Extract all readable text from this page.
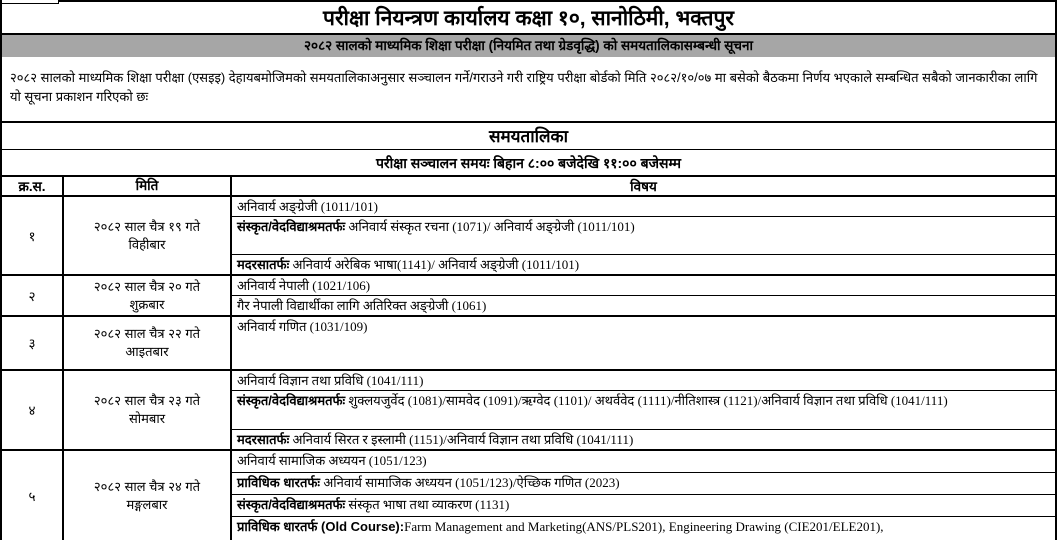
परीक्षा नियन्त्रण कार्यालय कक्षा १०, सानोठिमी, भक्तपुर
२०८२ सालको माध्यमिक शिक्षा परीक्षा (नियमित तथा ग्रेडवृद्धि) को समयतालिकासम्बन्धी सूचना
२०८२ सालको माध्यमिक शिक्षा परीक्षा (एसइइ) देहायबमोजिमको समयतालिकाअनुसार सञ्चालन गर्ने/गराउने गरी राष्ट्रिय परीक्षा बोर्डको मिति २०८२/१०/०७ मा बसेको बैठकमा निर्णय भएकाले सम्बन्धित सबैको जानकारीका लागि यो सूचना प्रकाशन गरिएको छः
समयतालिका
परीक्षा सञ्चालन समयः बिहान ८:०० बजेदेखि ११:०० बजेसम्म
क्र.स.	मिति	विषय
१
२०८२ साल चैत्र १९ गते
विहीबार
अनिवार्य अङ्ग्रेजी (1011/101)
संस्कृत/वेदविद्याश्रमतर्फः अनिवार्य संस्कृत रचना (1071)/ अनिवार्य अङ्ग्रेजी (1011/101)
मदरसातर्फः अनिवार्य अरेबिक भाषा(1141)/ अनिवार्य अङ्ग्रेजी (1011/101)
२
२०८२ साल चैत्र २० गते
शुक्रबार
अनिवार्य नेपाली (1021/106)
गैर नेपाली विद्यार्थीका लागि अतिरिक्त अङ्ग्रेजी (1061)
३
२०८२ साल चैत्र २२ गते
आइतबार
अनिवार्य गणित (1031/109)
४
२०८२ साल चैत्र २३ गते
सोमबार
अनिवार्य विज्ञान तथा प्रविधि (1041/111)
संस्कृत/वेदविद्याश्रमतर्फः शुक्लयजुर्वेद (1081)/सामवेद (1091)/ऋग्वेद (1101)/ अथर्ववेद (1111)/नीतिशास्त्र (1121)/अनिवार्य विज्ञान तथा प्रविधि (1041/111)
मदरसातर्फः अनिवार्य सिरत र इस्लामी (1151)/अनिवार्य विज्ञान तथा प्रविधि (1041/111)
५
२०८२ साल चैत्र २४ गते
मङ्गलबार
अनिवार्य सामाजिक अध्ययन (1051/123)
प्राविधिक धारतर्फः अनिवार्य सामाजिक अध्ययन (1051/123)/ऐच्छिक गणित (2023)
संस्कृत/वेदविद्याश्रमतर्फः संस्कृत भाषा तथा व्याकरण (1131)
प्राविधिक धारतर्फ (Old Course):Farm Management and Marketing(ANS/PLS201), Engineering Drawing (CIE201/ELE201),
